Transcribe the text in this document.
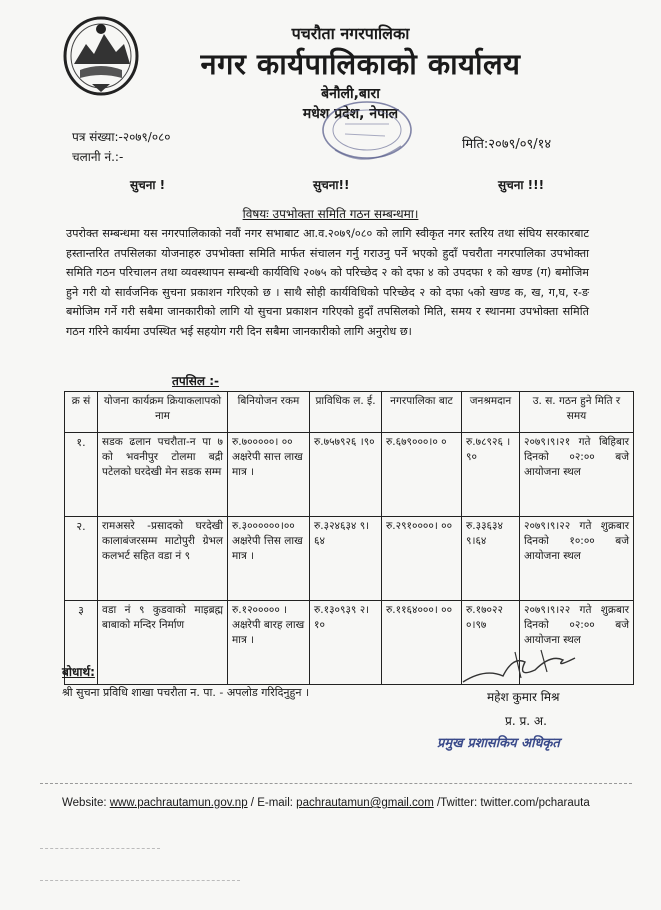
पचरौता नगरपालिका
नगर कार्यपालिकाको कार्यालय
बेनौली,बारा
मधेश प्रदेश, नेपाल
पत्र संख्या:-२०७९/०८०
चलानी नं.:-
मिति:२०७९/०९/१४
सुचना !	सुचना!!	सुचना !!!
विषयः उपभोक्ता समिति गठन सम्बन्धमा।
उपरोक्त सम्बन्धमा यस नगरपालिकाको नवौं नगर सभाबाट आ.व.२०७९/०८० को लागि स्वीकृत नगर स्तरिय तथा संघिय सरकारबाट हस्तान्तरित तपसिलका योजनाहरु उपभोक्ता समिति मार्फत संचालन गर्नु गराउनु पर्ने भएको हुदाँ पचरौता नगरपालिका उपभोक्ता समिति गठन परिचालन तथा व्यवस्थापन सम्बन्धी कार्यविधि २०७५ को परिच्छेद २ को दफा ४ को उपदफा १ को खण्ड (ग) बमोजिम हुने गरी यो सार्वजनिक सुचना प्रकाशन गरिएको छ । साथै सोही कार्यविधिको परिच्छेद २ को दफा ५को खण्ड क, ख, ग,घ, र-ङ बमोजिम गर्ने गरी सबैमा जानकारीको लागि यो सुचना प्रकाशन गरिएको हुदाँ तपसिलको मिति, समय र स्थानमा उपभोक्ता समिति गठन गरिने कार्यमा उपस्थित भई सहयोग गरी दिन सबैमा जानकारीको लागि अनुरोध छ।
तपसिल :-
क्र सं	योजना कार्यक्रम क्रियाकलापको नाम	बिनियोजन रकम	प्राविधिक ल. ई.	नगरपालिका बाट	जनश्रमदान	उ. स. गठन हुने मिति र समय
१.	सडक ढलान पचरौता-न पा ७ को भवनीपुर टोलमा बद्री पटेलको घरदेखी मेन सडक सम्म	रु.७०००००। ०० अक्षरेपी सात्त लाख मात्र ।	रु.७५७९२६ ।९०	रु.६७९०००।० ०	रु.७८९२६ ।९०	२०७९।९।२१ गते बिहिबार दिनको ०२:०० बजे आयोजना स्थल
२.	रामअसरे -प्रसादको घरदेखी कालाबंजरसम्म माटोपुरी ग्रेभल कलभर्ट सहित वडा नं ९	रु.३००००००।०० अक्षरेपी त्तिस लाख मात्र ।	रु.३२४६३४ ९।६४	रु.२९१००००। ००	रु.३३६३४ ९।६४	२०७९।९।२२ गते शुक्रबार दिनको १०:०० बजे आयोजना स्थल
३	वडा नं ९ कुडवाको माइब्रह्म बाबाको मन्दिर निर्माण	रु.१२००००० । अक्षरेपी बारह लाख मात्र ।	रु.१३०९३९ २।१०	रु.११६४०००। ००	रु.१७०२२ ०।९७	२०७९।९।२२ गते शुक्रबार दिनको ०२:०० बजे आयोजना स्थल
बोधार्थ:
श्री सुचना प्रविधि शाखा पचरौता न. पा. - अपलोड गरिदिनुहुन ।	महेश कुमार मिश्र
प्र. प्र. अ.
प्रमुख प्रशासकिय अधिकृत
Website: www.pachrautamun.gov.np / E-mail: pachrautamun@gmail.com /Twitter: twitter.com/pcharauta
